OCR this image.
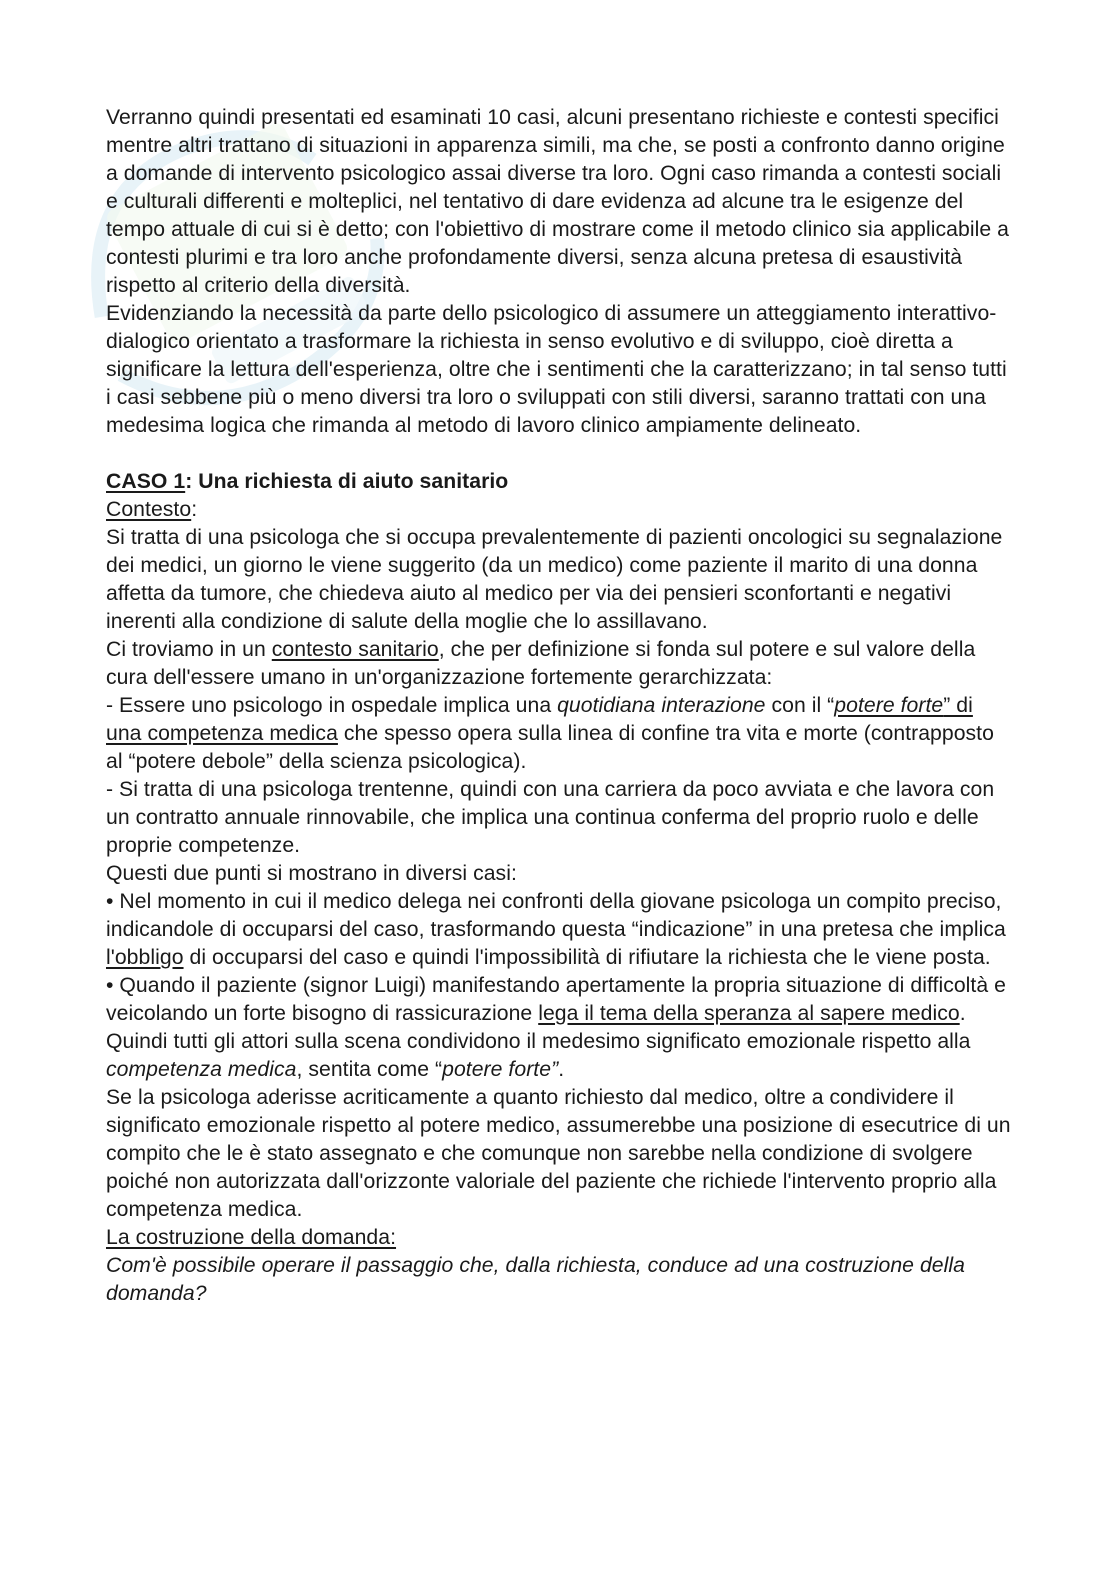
Verranno quindi presentati ed esaminati 10 casi, alcuni presentano richieste e contesti specifici mentre altri trattano di situazioni in apparenza simili, ma che, se posti a confronto danno origine a domande di intervento psicologico assai diverse tra loro. Ogni caso rimanda a contesti sociali e culturali differenti e molteplici, nel tentativo di dare evidenza ad alcune tra le esigenze del tempo attuale di cui si è detto; con l'obiettivo di mostrare come il metodo clinico sia applicabile a contesti plurimi e tra loro anche profondamente diversi, senza alcuna pretesa di esaustività rispetto al criterio della diversità.

Evidenziando la necessità da parte dello psicologico di assumere un atteggiamento interattivo-dialogico orientato a trasformare la richiesta in senso evolutivo e di sviluppo, cioè diretta a significare la lettura dell'esperienza, oltre che i sentimenti che la caratterizzano; in tal senso tutti i casi sebbene più o meno diversi tra loro o sviluppati con stili diversi, saranno trattati con una medesima logica che rimanda al metodo di lavoro clinico ampiamente delineato.

CASO 1: Una richiesta di aiuto sanitario

Contesto:

Si tratta di una psicologa che si occupa prevalentemente di pazienti oncologici su segnalazione dei medici, un giorno le viene suggerito (da un medico) come paziente il marito di una donna affetta da tumore, che chiedeva aiuto al medico per via dei pensieri sconfortanti e negativi inerenti alla condizione di salute della moglie che lo assillavano.

Ci troviamo in un contesto sanitario, che per definizione si fonda sul potere e sul valore della cura dell'essere umano in un'organizzazione fortemente gerarchizzata:

- Essere uno psicologo in ospedale implica una quotidiana interazione con il “potere forte” di una competenza medica che spesso opera sulla linea di confine tra vita e morte (contrapposto al “potere debole” della scienza psicologica).

- Si tratta di una psicologa trentenne, quindi con una carriera da poco avviata e che lavora con un contratto annuale rinnovabile, che implica una continua conferma del proprio ruolo e delle proprie competenze.

Questi due punti si mostrano in diversi casi:

• Nel momento in cui il medico delega nei confronti della giovane psicologa un compito preciso, indicandole di occuparsi del caso, trasformando questa “indicazione” in una pretesa che implica l'obbligo di occuparsi del caso e quindi l'impossibilità di rifiutare la richiesta che le viene posta.

• Quando il paziente (signor Luigi) manifestando apertamente la propria situazione di difficoltà e veicolando un forte bisogno di rassicurazione lega il tema della speranza al sapere medico.

Quindi tutti gli attori sulla scena condividono il medesimo significato emozionale rispetto alla competenza medica, sentita come “potere forte”.

Se la psicologa aderisse acriticamente a quanto richiesto dal medico, oltre a condividere il significato emozionale rispetto al potere medico, assumerebbe una posizione di esecutrice di un compito che le è stato assegnato e che comunque non sarebbe nella condizione di svolgere poiché non autorizzata dall'orizzonte valoriale del paziente che richiede l'intervento proprio alla competenza medica.

La costruzione della domanda:

Com'è possibile operare il passaggio che, dalla richiesta, conduce ad una costruzione della domanda?
